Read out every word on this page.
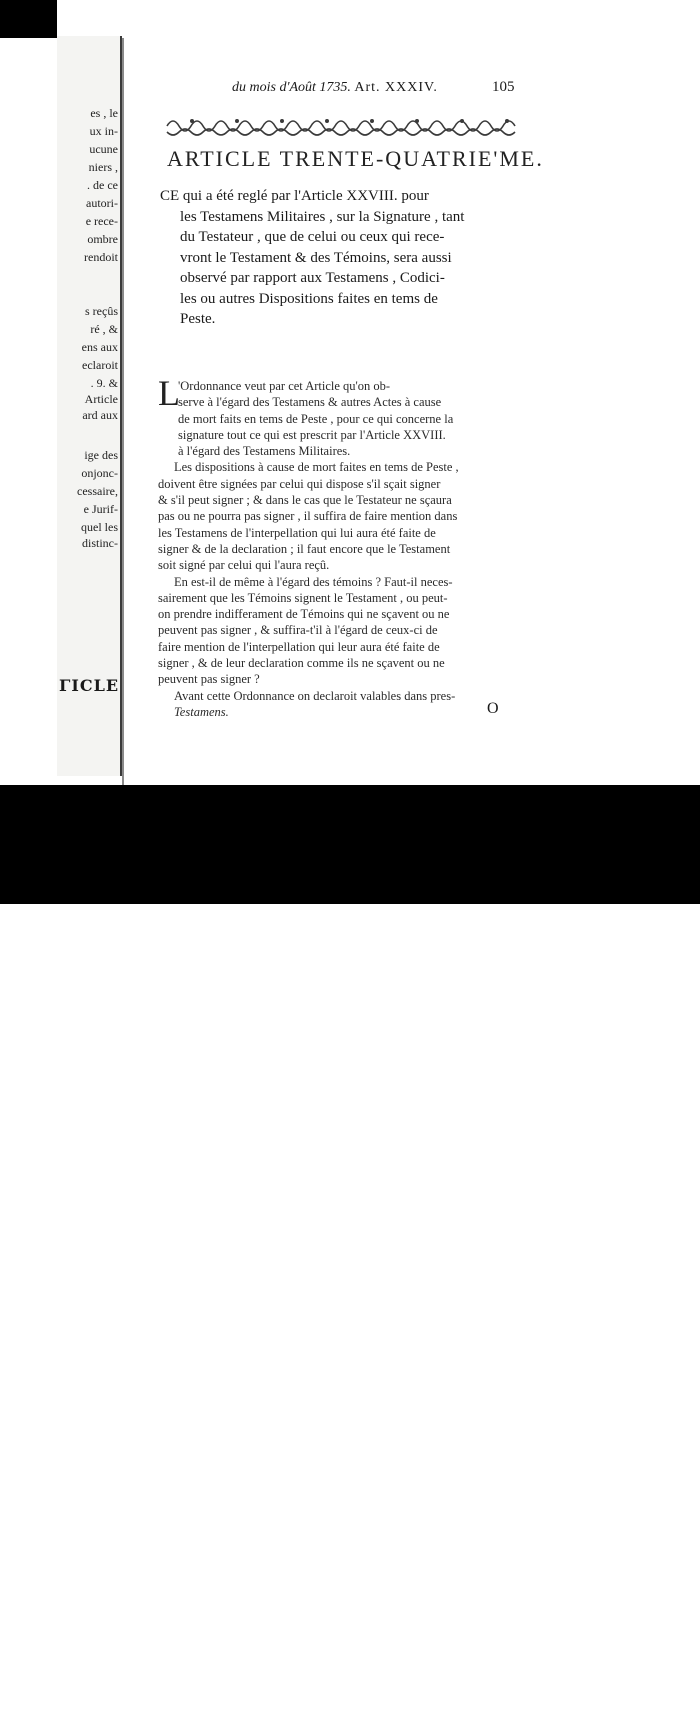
ΓICLE
es , le
ux in-
ucune
niers ,
. de ce
autori-
e rece-
ombre
rendoit
s reçûs
ré , &
ens aux
eclaroit
. 9. &
Article
ard aux
ige des
onjonc-
cessaire,
e Jurif-
quel les
distinc-
du mois d'Août 1735. Art. XXXIV.	105
ARTICLE TRENTE-QUATRIE'ME.
CE qui a été reglé par l'Article XXVIII. pour
les Testamens Militaires , sur la Signature , tant
du Testateur , que de celui ou ceux qui rece-
vront le Testament & des Témoins, sera aussi
observé par rapport aux Testamens , Codici-
les ou autres Dispositions faites en tems de
Peste.
L
'Ordonnance veut par cet Article qu'on ob-
serve à l'égard des Testamens & autres Actes à cause
de mort faits en tems de Peste , pour ce qui concerne la
signature tout ce qui est prescrit par l'Article XXVIII.
à l'égard des Testamens Militaires.
Les dispositions à cause de mort faites en tems de Peste ,
doivent être signées par celui qui dispose s'il sçait signer
& s'il peut signer ; & dans le cas que le Testateur ne sçaura
pas ou ne pourra pas signer , il suffira de faire mention dans
les Testamens de l'interpellation qui lui aura été faite de
signer & de la declaration ; il faut encore que le Testament
soit signé par celui qui l'aura reçû.
En est-il de même à l'égard des témoins ? Faut-il neces-
sairement que les Témoins signent le Testament , ou peut-
on prendre indifferament de Témoins qui ne sçavent ou ne
peuvent pas signer , & suffira-t'il à l'égard de ceux-ci de
faire mention de l'interpellation qui leur aura été faite de
signer , & de leur declaration comme ils ne sçavent ou ne
peuvent pas signer ?
Avant cette Ordonnance on declaroit valables dans pres-
Testamens.	O
